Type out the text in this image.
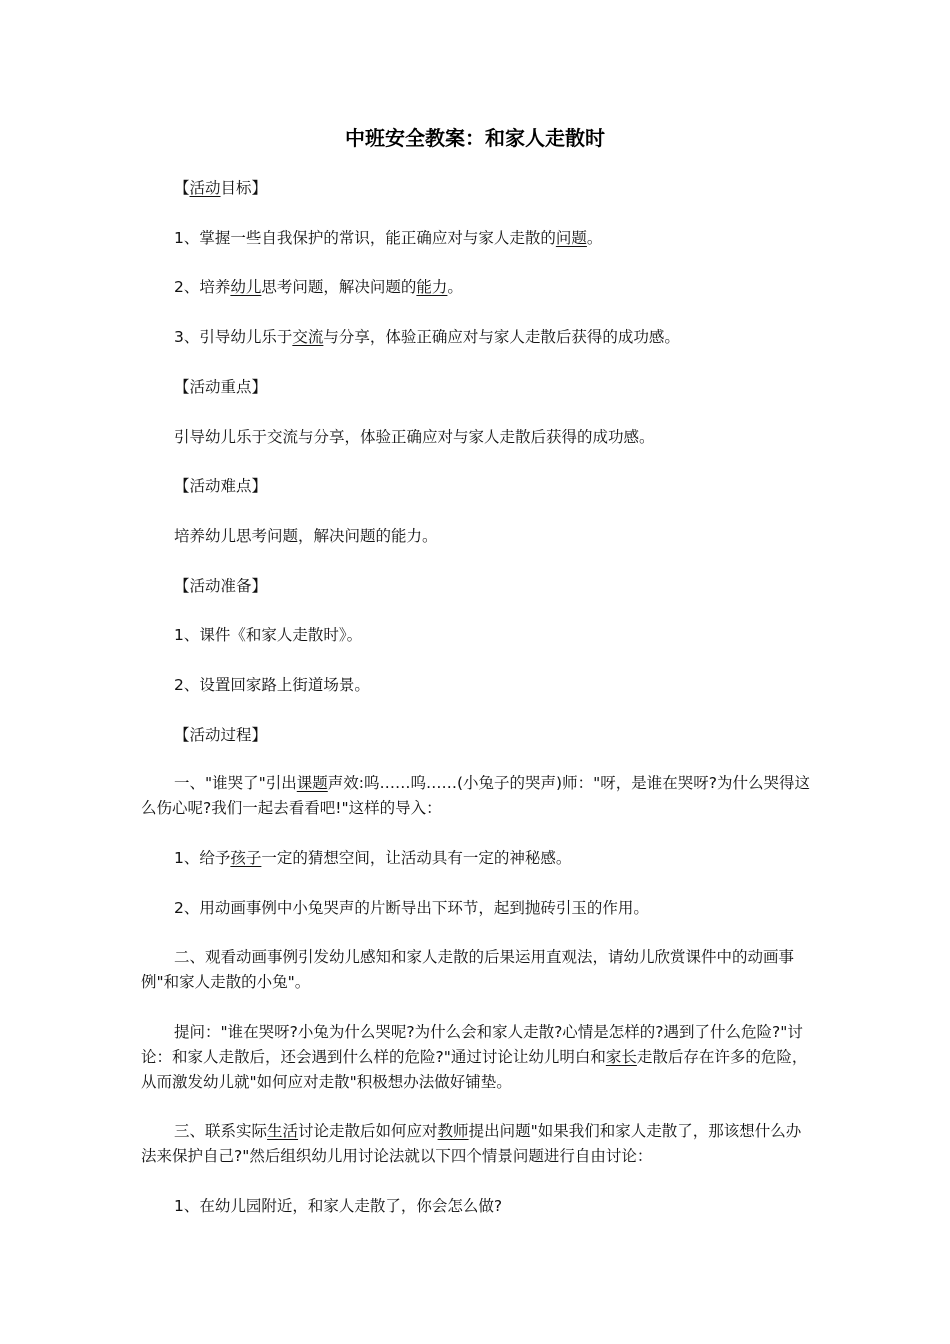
中班安全教案：和家人走散时

【活动目标】

1、掌握一些自我保护的常识，能正确应对与家人走散的问题。

2、培养幼儿思考问题，解决问题的能力。

3、引导幼儿乐于交流与分享，体验正确应对与家人走散后获得的成功感。

【活动重点】

引导幼儿乐于交流与分享，体验正确应对与家人走散后获得的成功感。

【活动难点】

培养幼儿思考问题，解决问题的能力。

【活动准备】

1、课件《和家人走散时》。

2、设置回家路上街道场景。

【活动过程】

一、"谁哭了"引出课题声效:呜……呜……(小兔子的哭声)师："呀，是谁在哭呀?为什么哭得这么伤心呢?我们一起去看看吧!"这样的导入：

1、给予孩子一定的猜想空间，让活动具有一定的神秘感。

2、用动画事例中小兔哭声的片断导出下环节，起到抛砖引玉的作用。

二、观看动画事例引发幼儿感知和家人走散的后果运用直观法，请幼儿欣赏课件中的动画事例"和家人走散的小兔"。

提问："谁在哭呀?小兔为什么哭呢?为什么会和家人走散?心情是怎样的?遇到了什么危险?"讨论：和家人走散后，还会遇到什么样的危险?"通过讨论让幼儿明白和家长走散后存在许多的危险，从而激发幼儿就"如何应对走散"积极想办法做好铺垫。

三、联系实际生活讨论走散后如何应对教师提出问题"如果我们和家人走散了，那该想什么办法来保护自己?"然后组织幼儿用讨论法就以下四个情景问题进行自由讨论：

1、在幼儿园附近，和家人走散了，你会怎么做?
